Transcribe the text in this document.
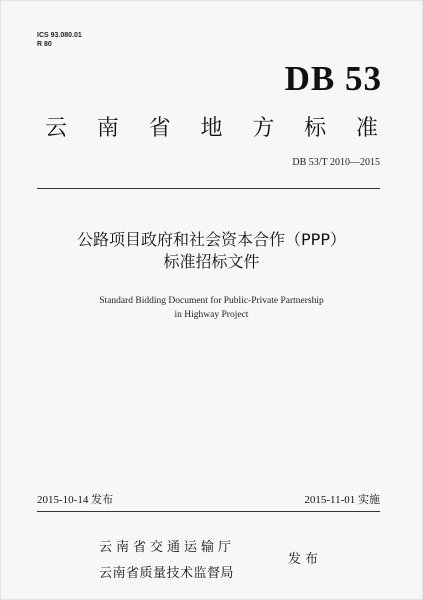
ICS 93.080.01
R 80
DB 53
云 南 省 地 方 标 准
DB 53/T 2010—2015
公路项目政府和社会资本合作（PPP）
标准招标文件
Standard Bidding Document for Public-Private Partnership
in Highway Project
2015-10-14 发布	2015-11-01 实施
云南省交通运输厅
云南省质量技术监督局
发布
